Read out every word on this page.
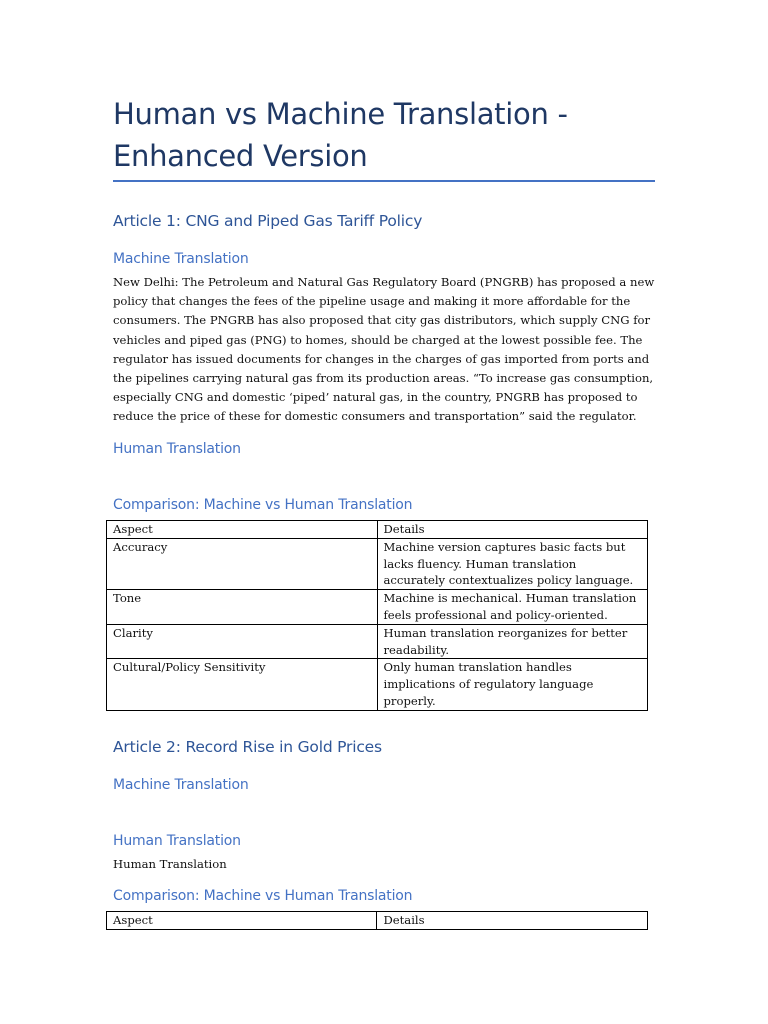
Human vs Machine Translation - Enhanced Version
Article 1: CNG and Piped Gas Tariff Policy
Machine Translation

New Delhi: The Petroleum and Natural Gas Regulatory Board (PNGRB) has proposed a new policy that changes the fees of the pipeline usage and making it more affordable for the consumers. The PNGRB has also proposed that city gas distributors, which supply CNG for vehicles and piped gas (PNG) to homes, should be charged at the lowest possible fee. The regulator has issued documents for changes in the charges of gas imported from ports and the pipelines carrying natural gas from its production areas. “To increase gas consumption, especially CNG and domestic ‘piped’ natural gas, in the country, PNGRB has proposed to reduce the price of these for domestic consumers and transportation” said the regulator.

Human Translation
Comparison: Machine vs Human Translation
Aspect	Details
Accuracy	Machine version captures basic facts but lacks fluency. Human translation accurately contextualizes policy language.
Tone	Machine is mechanical. Human translation feels professional and policy-oriented.
Clarity	Human translation reorganizes for better readability.
Cultural/Policy Sensitivity	Only human translation handles implications of regulatory language properly.
Article 2: Record Rise in Gold Prices
Machine Translation
Human Translation

Human Translation

Comparison: Machine vs Human Translation
Aspect	Details
